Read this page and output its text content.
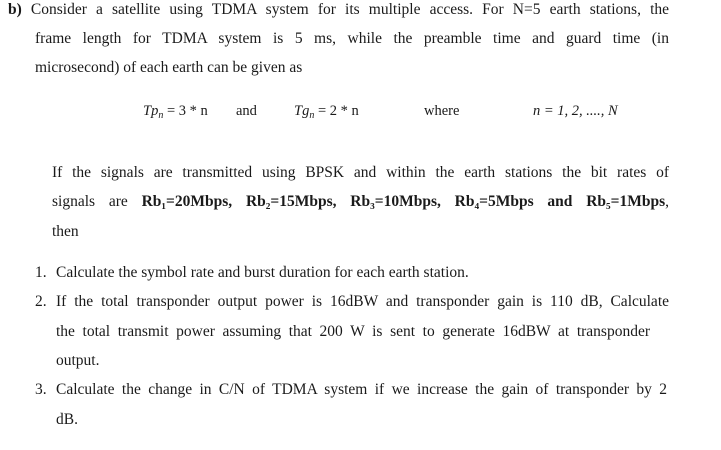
b) Consider a satellite using TDMA system for its multiple access. For N=5 earth stations, the
frame length for TDMA system is 5 ms, while the preamble time and guard time (in
microsecond) of each earth can be given as
$Tp_n = 3 * n$ and	$Tg_n = 2 * n$	where	n = 1, 2, ...., N
If the signals are transmitted using BPSK and within the earth stations the bit rates of
signals are Rb₁=20Mbps, Rb₂=15Mbps, Rb₃=10Mbps, Rb₄=5Mbps and Rb₅=1Mbps,
then
1. Calculate the symbol rate and burst duration for each earth station.
2. If the total transponder output power is 16dBW and transponder gain is 110 dB, Calculate
the total transmit power assuming that 200 W is sent to generate 16dBW at transponder
output.
3. Calculate the change in C/N of TDMA system if we increase the gain of transponder by 2
dB.
